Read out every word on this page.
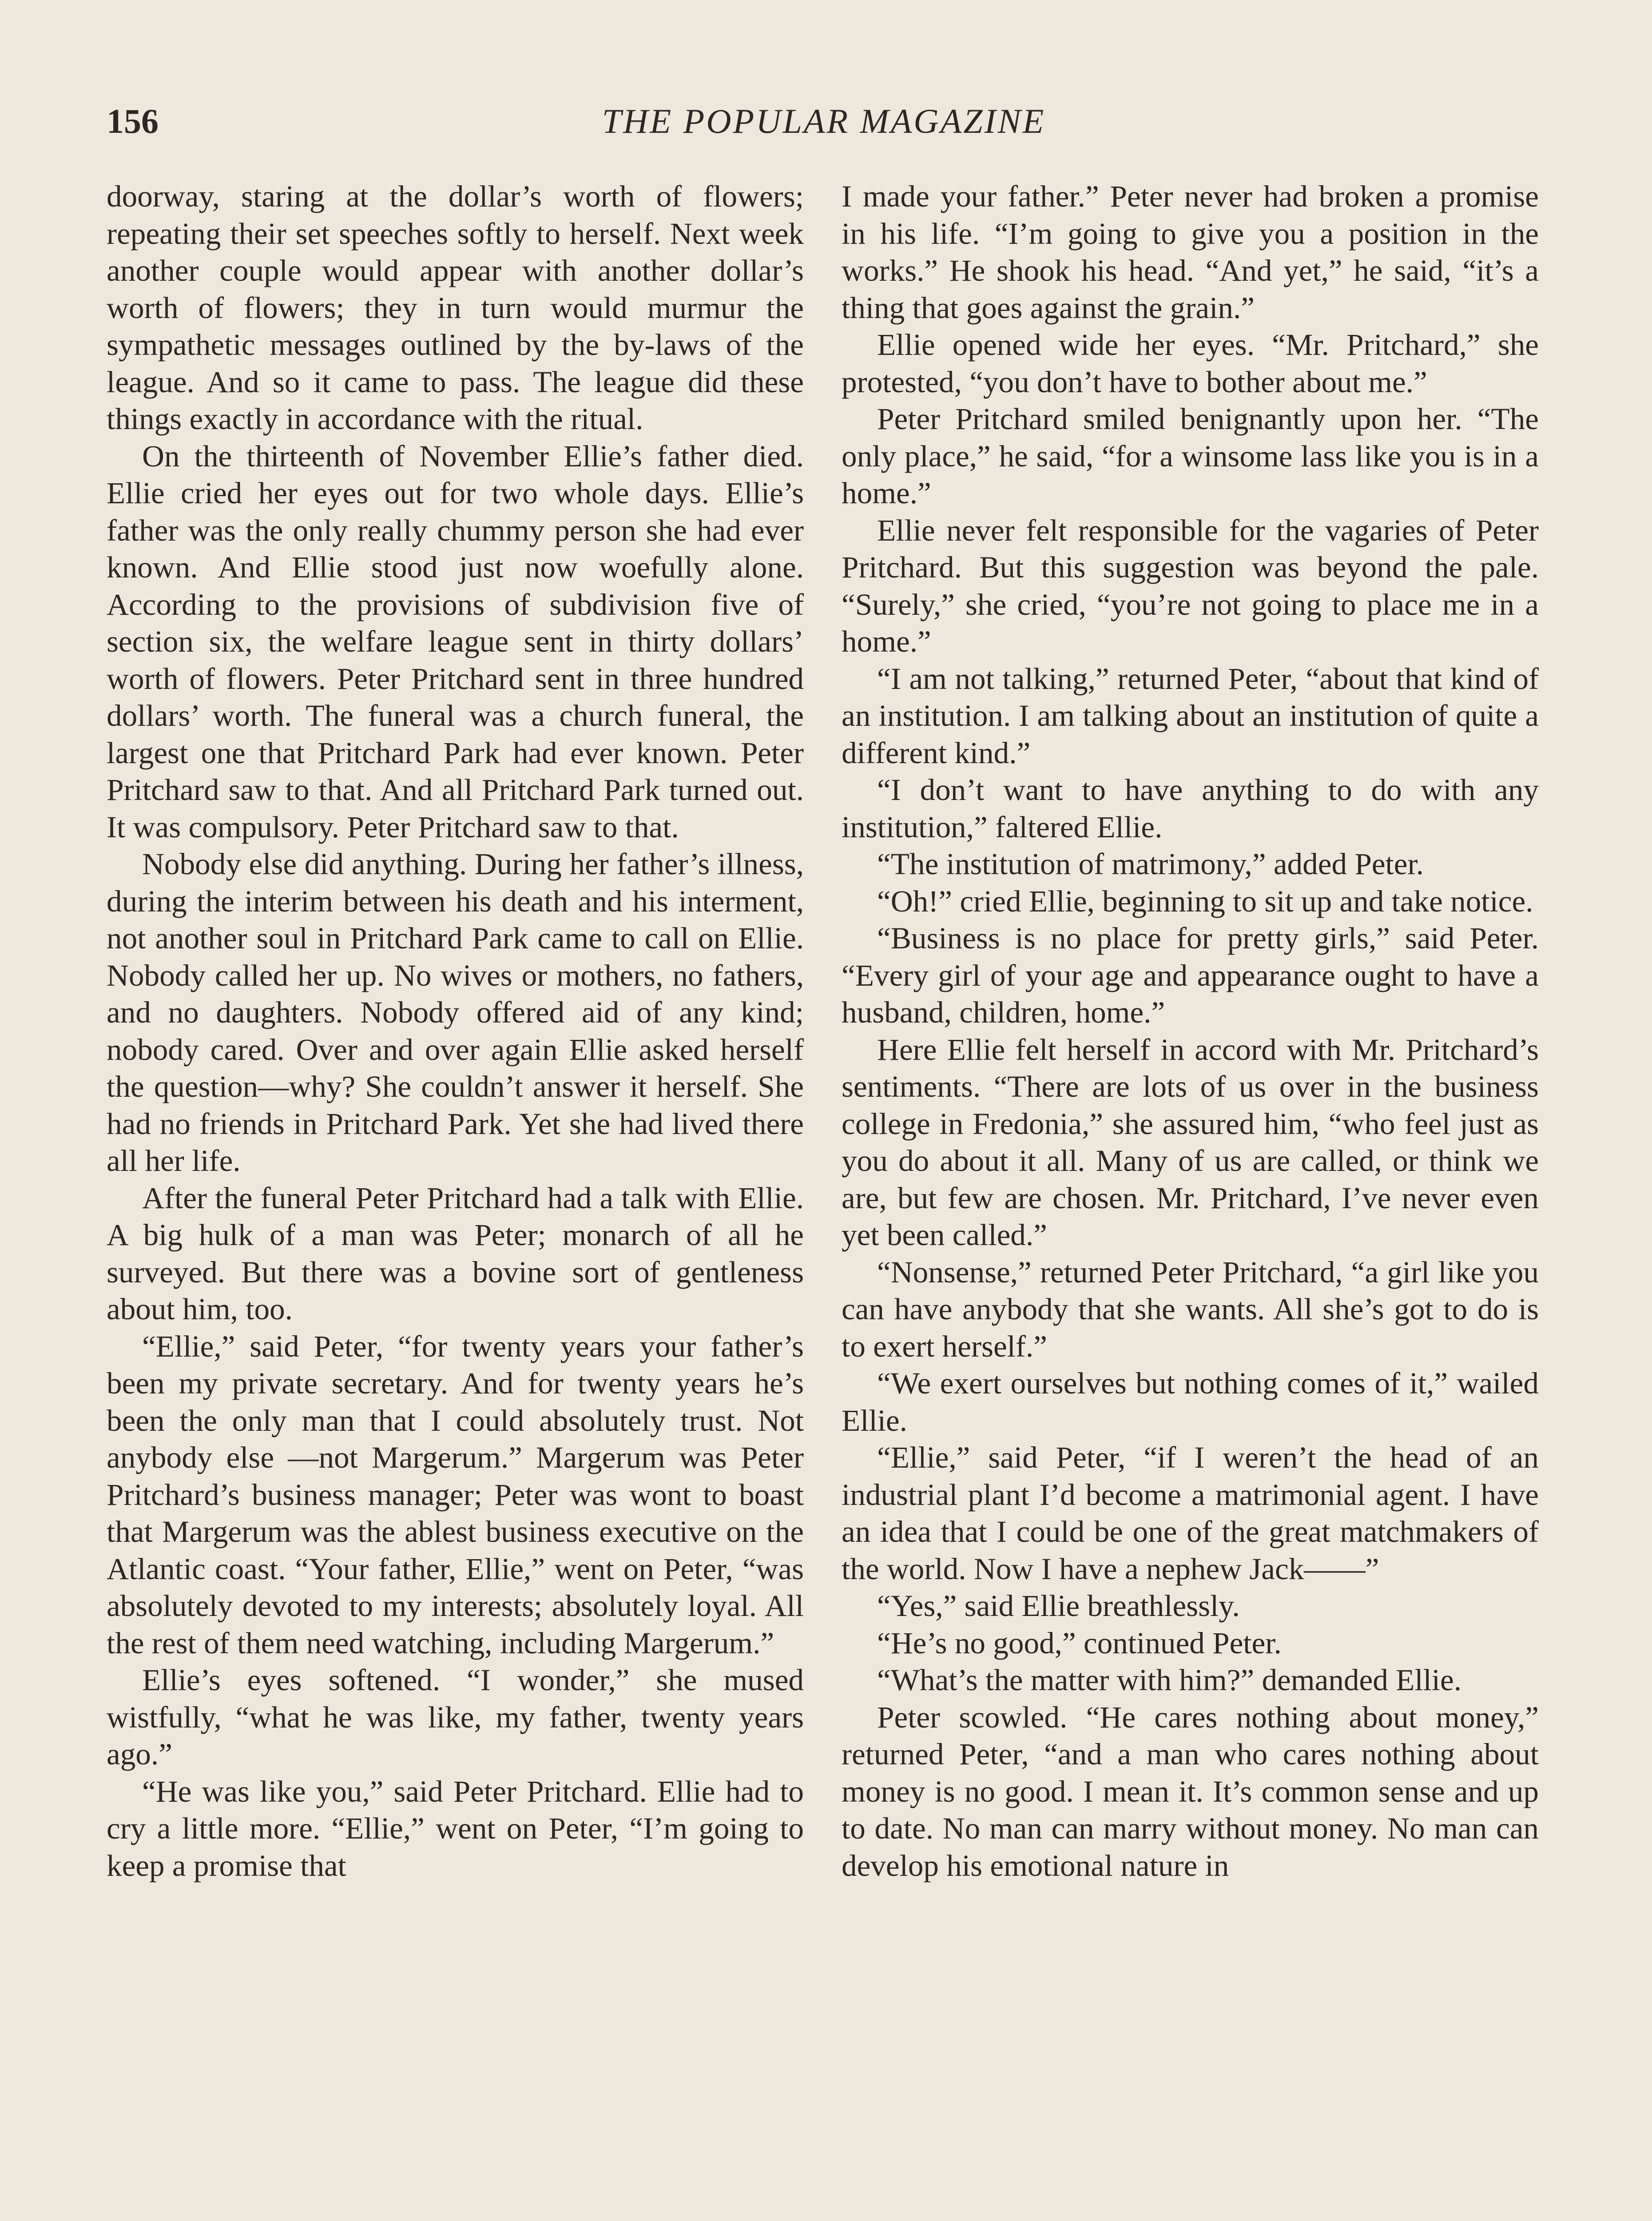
156	THE POPULAR MAGAZINE

doorway, staring at the dollar’s worth of flowers; repeating their set speeches softly to herself. Next week another couple would appear with another dollar’s worth of flowers; they in turn would murmur the sympathetic messages outlined by the by-laws of the league. And so it came to pass. The league did these things exactly in accordance with the ritual.

On the thirteenth of November Ellie’s father died. Ellie cried her eyes out for two whole days. Ellie’s father was the only really chummy person she had ever known. And Ellie stood just now woefully alone. According to the provisions of subdivision five of section six, the welfare league sent in thirty dollars’ worth of flowers. Peter Pritchard sent in three hundred dollars’ worth. The funeral was a church funeral, the largest one that Pritchard Park had ever known. Peter Pritchard saw to that. And all Pritchard Park turned out. It was compulsory. Peter Pritchard saw to that.

Nobody else did anything. During her father’s illness, during the interim between his death and his interment, not another soul in Pritchard Park came to call on Ellie. Nobody called her up. No wives or mothers, no fathers, and no daughters. Nobody offered aid of any kind; nobody cared. Over and over again Ellie asked herself the question—why? She couldn’t answer it herself. She had no friends in Pritchard Park. Yet she had lived there all her life.

After the funeral Peter Pritchard had a talk with Ellie. A big hulk of a man was Peter; monarch of all he surveyed. But there was a bovine sort of gentleness about him, too.

“Ellie,” said Peter, “for twenty years your father’s been my private secretary. And for twenty years he’s been the only man that I could absolutely trust. Not anybody else —not Margerum.” Margerum was Peter Pritchard’s business manager; Peter was wont to boast that Margerum was the ablest business executive on the Atlantic coast. “Your father, Ellie,” went on Peter, “was absolutely devoted to my interests; absolutely loyal. All the rest of them need watching, including Margerum.”

Ellie’s eyes softened. “I wonder,” she mused wistfully, “what he was like, my father, twenty years ago.”

“He was like you,” said Peter Pritchard. Ellie had to cry a little more. “Ellie,” went on Peter, “I’m going to keep a promise that

I made your father.” Peter never had broken a promise in his life. “I’m going to give you a position in the works.” He shook his head. “And yet,” he said, “it’s a thing that goes against the grain.”

Ellie opened wide her eyes. “Mr. Pritchard,” she protested, “you don’t have to bother about me.”

Peter Pritchard smiled benignantly upon her. “The only place,” he said, “for a winsome lass like you is in a home.”

Ellie never felt responsible for the vagaries of Peter Pritchard. But this suggestion was beyond the pale. “Surely,” she cried, “you’re not going to place me in a home.”

“I am not talking,” returned Peter, “about that kind of an institution. I am talking about an institution of quite a different kind.”

“I don’t want to have anything to do with any institution,” faltered Ellie.

“The institution of matrimony,” added Peter.

“Oh!” cried Ellie, beginning to sit up and take notice.

“Business is no place for pretty girls,” said Peter. “Every girl of your age and appearance ought to have a husband, children, home.”

Here Ellie felt herself in accord with Mr. Pritchard’s sentiments. “There are lots of us over in the business college in Fredonia,” she assured him, “who feel just as you do about it all. Many of us are called, or think we are, but few are chosen. Mr. Pritchard, I’ve never even yet been called.”

“Nonsense,” returned Peter Pritchard, “a girl like you can have anybody that she wants. All she’s got to do is to exert herself.”

“We exert ourselves but nothing comes of it,” wailed Ellie.

“Ellie,” said Peter, “if I weren’t the head of an industrial plant I’d become a matrimonial agent. I have an idea that I could be one of the great matchmakers of the world. Now I have a nephew Jack——”

“Yes,” said Ellie breathlessly.

“He’s no good,” continued Peter.

“What’s the matter with him?” demanded Ellie.

Peter scowled. “He cares nothing about money,” returned Peter, “and a man who cares nothing about money is no good. I mean it. It’s common sense and up to date. No man can marry without money. No man can develop his emotional nature in
